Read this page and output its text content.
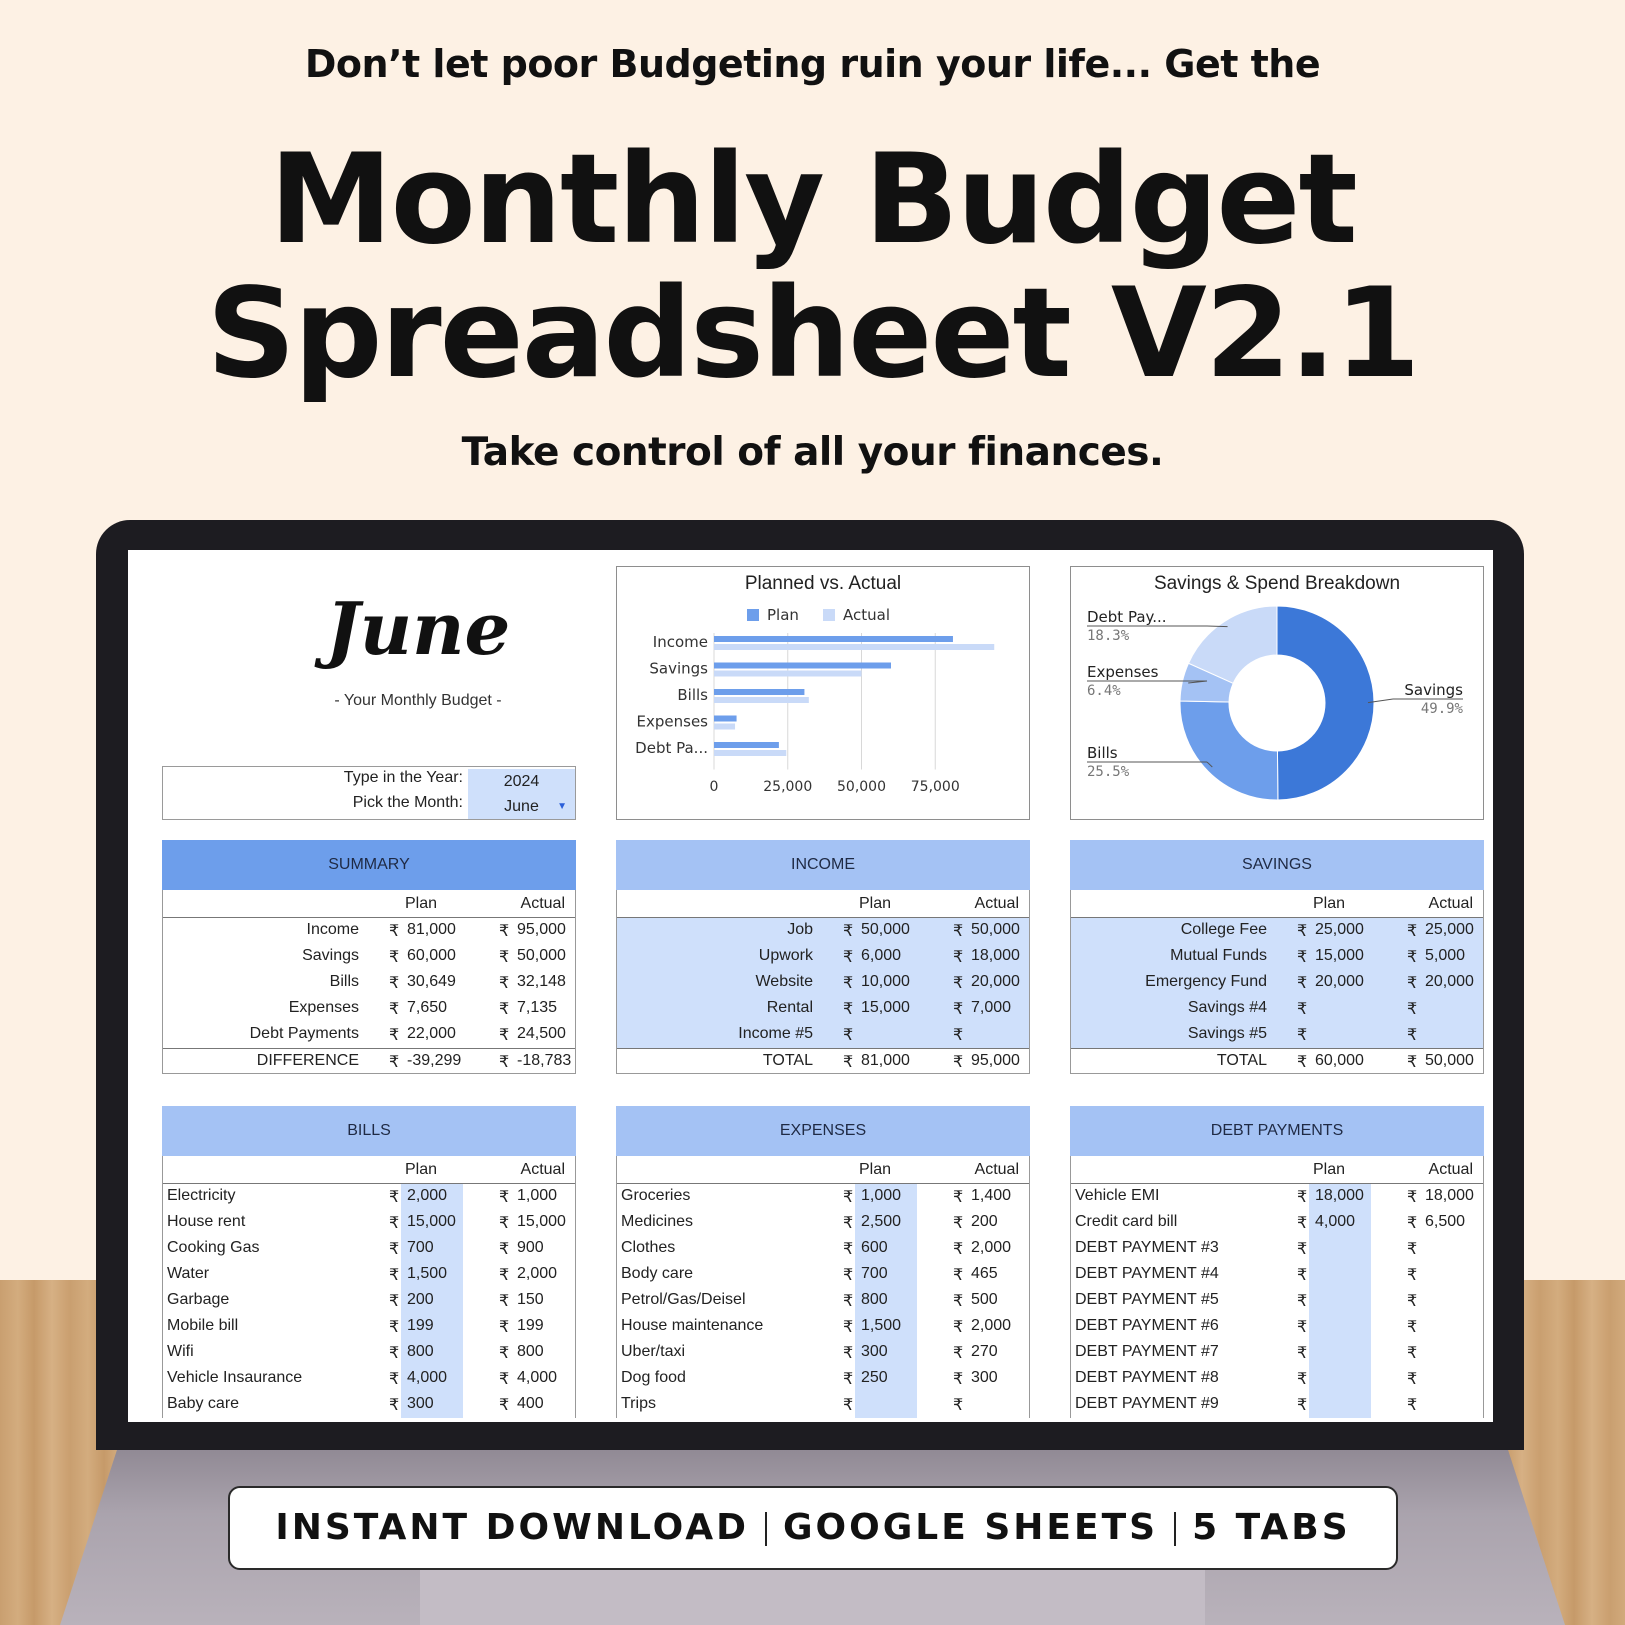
Don’t let poor Budgeting ruin your life... Get the
Monthly Budget
Spreadsheet V2.1
Take control of all your finances.
June
- Your Monthly Budget -
Type in the Year:	2024
Pick the Month:	June ▼
Planned vs. Actual
Plan	Actual
0	25,000 50,000 75,000
Income
Savings
Bills
Expenses
Debt Pa...
Savings & Spend Breakdown
Savings
49.9%
Bills
25.5%
Expenses
6.4%
Debt Pay...
18.3%
SUMMARY
Plan	Actual
Income ₹ 81,000	₹ 95,000
Savings ₹ 60,000	₹ 50,000
Bills ₹ 30,649	₹ 32,148
Expenses ₹ 7,650	₹ 7,135
Debt Payments ₹ 22,000	₹ 24,500
DIFFERENCE ₹ -39,299 ₹ -18,783
INCOME
Plan	Actual
Job ₹ 50,000	₹ 50,000
Upwork ₹ 6,000	₹ 18,000
Website ₹ 10,000	₹ 20,000
Rental ₹ 15,000	₹ 7,000
Income #5 ₹	₹
TOTAL ₹ 81,000	₹ 95,000
SAVINGS
Plan	Actual
College Fee ₹ 25,000	₹ 25,000
Mutual Funds ₹ 15,000	₹ 5,000
Emergency Fund ₹ 20,000	₹ 20,000
Savings #4 ₹	₹
Savings #5 ₹	₹
TOTAL ₹ 60,000	₹ 50,000
BILLS
Plan	Actual
Electricity	₹ 2,000	₹ 1,000
House rent	₹ 15,000	₹ 15,000
Cooking Gas	₹ 700	₹ 900
Water	₹ 1,500	₹ 2,000
Garbage	₹ 200	₹ 150
Mobile bill	₹ 199	₹ 199
Wifi	₹ 800	₹ 800
Vehicle Insaurance	₹ 4,000	₹ 4,000
Baby care	₹ 300	₹ 400
EXPENSES
Plan	Actual
Groceries	₹ 1,000	₹ 1,400
Medicines	₹ 2,500	₹ 200
Clothes	₹ 600	₹ 2,000
Body care	₹ 700	₹ 465
Petrol/Gas/Deisel	₹ 800	₹ 500
House maintenance	₹ 1,500	₹ 2,000
Uber/taxi	₹ 300	₹ 270
Dog food	₹ 250	₹ 300
Trips	₹	₹
DEBT PAYMENTS
Plan	Actual
Vehicle EMI	₹ 18,000	₹ 18,000
Credit card bill	₹ 4,000	₹ 6,500
DEBT PAYMENT #3	₹	₹
DEBT PAYMENT #4	₹	₹
DEBT PAYMENT #5	₹	₹
DEBT PAYMENT #6	₹	₹
DEBT PAYMENT #7	₹	₹
DEBT PAYMENT #8	₹	₹
DEBT PAYMENT #9	₹	₹
INSTANT DOWNLOAD GOOGLE SHEETS 5 TABS
